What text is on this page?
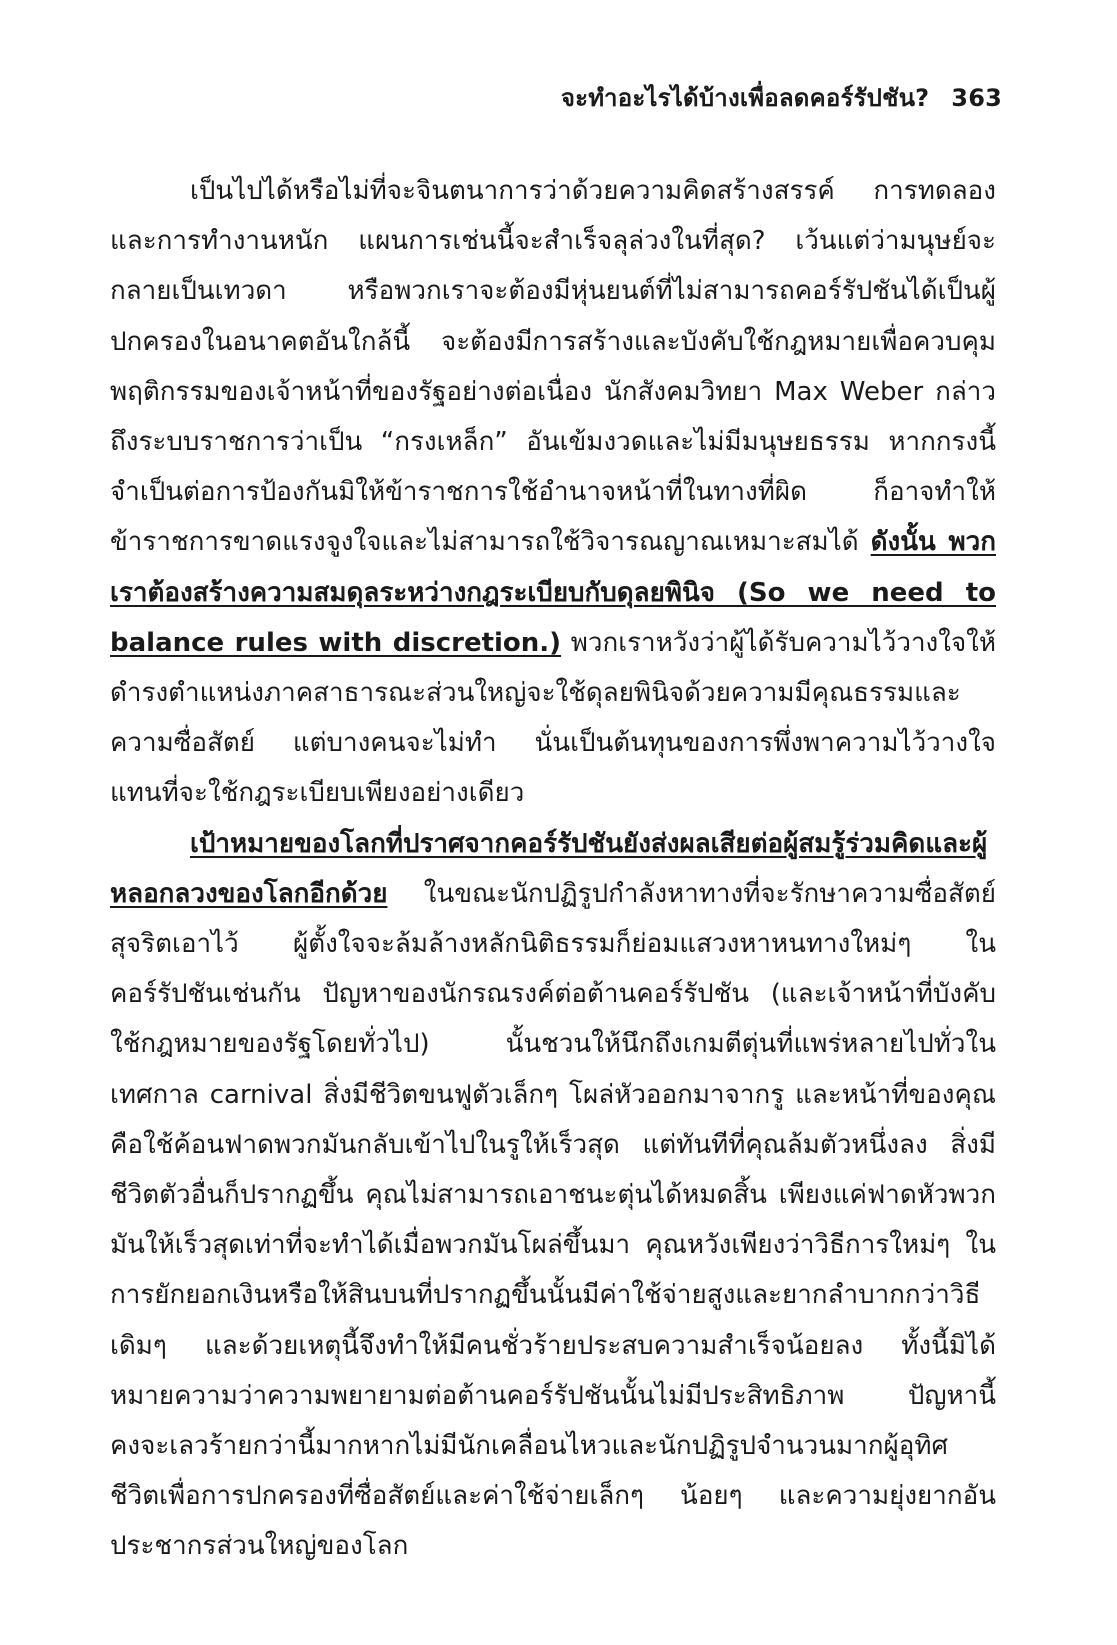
จะทำอะไรได้บ้างเพื่อลดคอร์รัปชัน? 363

เป็นไปได้หรือไม่ที่จะจินตนาการว่าด้วยความคิดสร้างสรรค์ การทดลอง และการทำงานหนัก แผนการเช่นนี้จะสำเร็จลุล่วงในที่สุด? เว้นแต่ว่ามนุษย์จะกลายเป็นเทวดา หรือพวกเราจะต้องมีหุ่นยนต์ที่ไม่สามารถคอร์รัปชันได้เป็นผู้ปกครองในอนาคตอันใกล้นี้ จะต้องมีการสร้างและบังคับใช้กฎหมายเพื่อควบคุมพฤติกรรมของเจ้าหน้าที่ของรัฐอย่างต่อเนื่อง นักสังคมวิทยา Max Weber กล่าวถึงระบบราชการว่าเป็น “กรงเหล็ก” อันเข้มงวดและไม่มีมนุษยธรรม หากกรงนี้จำเป็นต่อการป้องกันมิให้ข้าราชการใช้อำนาจหน้าที่ในทางที่ผิด ก็อาจทำให้ข้าราชการขาดแรงจูงใจและไม่สามารถใช้วิจารณญาณเหมาะสมได้ ดังนั้น พวกเราต้องสร้างความสมดุลระหว่างกฎระเบียบกับดุลยพินิจ (So we need to balance rules with discretion.) พวกเราหวังว่าผู้ได้รับความไว้วางใจให้ดำรงตำแหน่งภาคสาธารณะส่วนใหญ่จะใช้ดุลยพินิจด้วยความมีคุณธรรมและความซื่อสัตย์ แต่บางคนจะไม่ทำ นั่นเป็นต้นทุนของการพึ่งพาความไว้วางใจแทนที่จะใช้กฎระเบียบเพียงอย่างเดียว

เป้าหมายของโลกที่ปราศจากคอร์รัปชันยังส่งผลเสียต่อผู้สมรู้ร่วมคิดและผู้หลอกลวงของโลกอีกด้วย ในขณะนักปฏิรูปกำลังหาทางที่จะรักษาความซื่อสัตย์สุจริตเอาไว้ ผู้ตั้งใจจะล้มล้างหลักนิติธรรมก็ย่อมแสวงหาหนทางใหม่ๆ ในคอร์รัปชันเช่นกัน ปัญหาของนักรณรงค์ต่อต้านคอร์รัปชัน (และเจ้าหน้าที่บังคับใช้กฎหมายของรัฐโดยทั่วไป) นั้นชวนให้นึกถึงเกมตีตุ่นที่แพร่หลายไปทั่วในเทศกาล carnival สิ่งมีชีวิตขนฟูตัวเล็กๆ โผล่หัวออกมาจากรู และหน้าที่ของคุณคือใช้ค้อนฟาดพวกมันกลับเข้าไปในรูให้เร็วสุด แต่ทันทีที่คุณล้มตัวหนึ่งลง สิ่งมีชีวิตตัวอื่นก็ปรากฏขึ้น คุณไม่สามารถเอาชนะตุ่นได้หมดสิ้น เพียงแค่ฟาดหัวพวกมันให้เร็วสุดเท่าที่จะทำได้เมื่อพวกมันโผล่ขึ้นมา คุณหวังเพียงว่าวิธีการใหม่ๆ ในการยักยอกเงินหรือให้สินบนที่ปรากฏขึ้นนั้นมีค่าใช้จ่ายสูงและยากลำบากกว่าวิธีเดิมๆ และด้วยเหตุนี้จึงทำให้มีคนชั่วร้ายประสบความสำเร็จน้อยลง ทั้งนี้มิได้หมายความว่าความพยายามต่อต้านคอร์รัปชันนั้นไม่มีประสิทธิภาพ ปัญหานี้คงจะเลวร้ายกว่านี้มากหากไม่มีนักเคลื่อนไหวและนักปฏิรูปจำนวนมากผู้อุทิศชีวิตเพื่อการปกครองที่ซื่อสัตย์และค่าใช้จ่ายเล็กๆ น้อยๆ และความยุ่งยากอันประชากรส่วนใหญ่ของโลก
